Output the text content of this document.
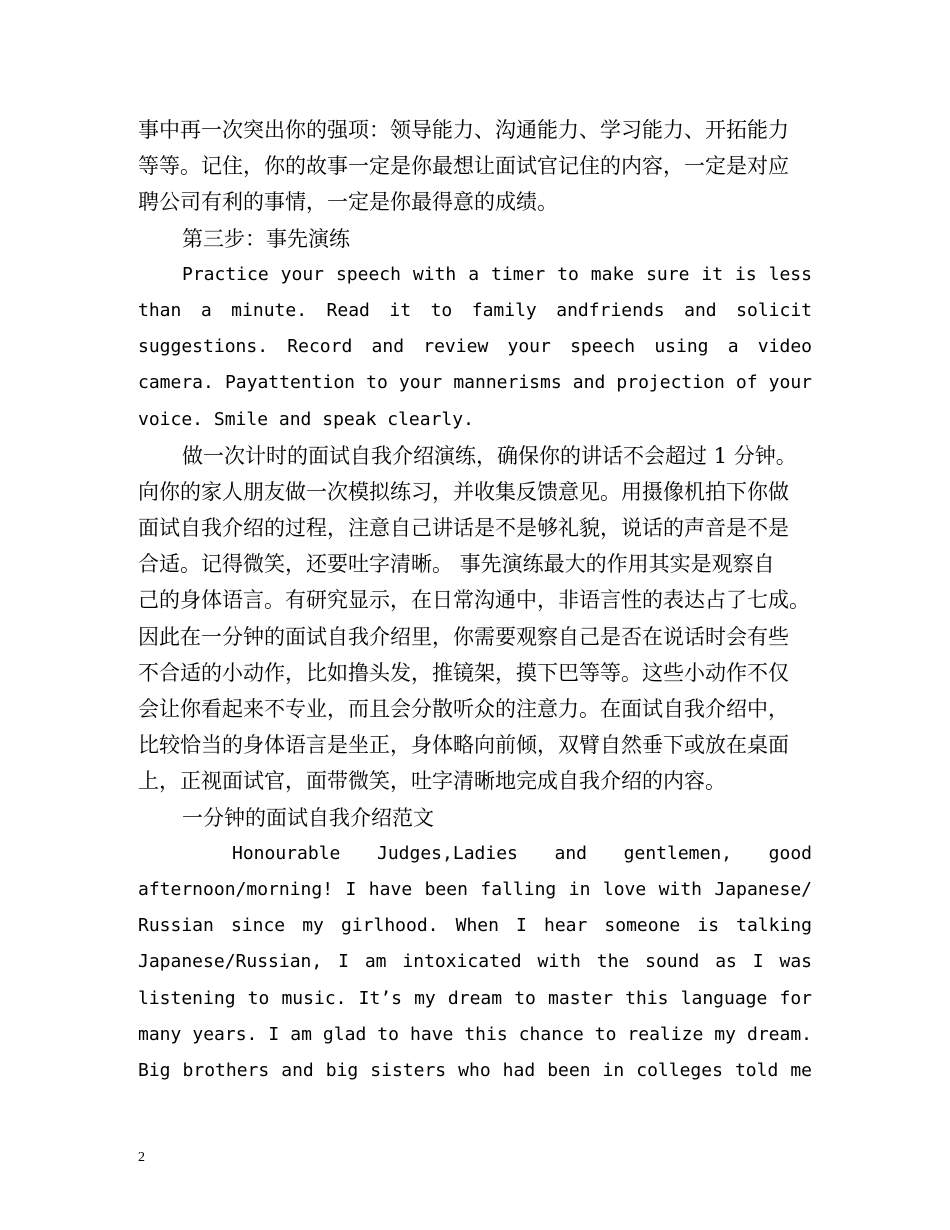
事中再一次突出你的强项：领导能力、沟通能力、学习能力、开拓能力
等等。记住，你的故事一定是你最想让面试官记住的内容，一定是对应
聘公司有利的事情，一定是你最得意的成绩。
第三步：事先演练
Practice your speech with a timer to make sure it is less
than a minute. Read it to family andfriends and solicit
suggestions. Record and review your speech using a video
camera. Payattention to your mannerisms and projection of your
voice. Smile and speak clearly.
做一次计时的面试自我介绍演练，确保你的讲话不会超过 1 分钟。
向你的家人朋友做一次模拟练习，并收集反馈意见。用摄像机拍下你做
面试自我介绍的过程，注意自己讲话是不是够礼貌，说话的声音是不是
合适。记得微笑，还要吐字清晰。 事先演练最大的作用其实是观察自
己的身体语言。有研究显示，在日常沟通中，非语言性的表达占了七成。
因此在一分钟的面试自我介绍里，你需要观察自己是否在说话时会有些
不合适的小动作，比如撸头发，推镜架，摸下巴等等。这些小动作不仅
会让你看起来不专业，而且会分散听众的注意力。在面试自我介绍中，
比较恰当的身体语言是坐正，身体略向前倾，双臂自然垂下或放在桌面
上，正视面试官，面带微笑，吐字清晰地完成自我介绍的内容。
一分钟的面试自我介绍范文
Honourable Judges,Ladies and gentlemen, good
afternoon/morning! I have been falling in love with Japanese/
Russian since my girlhood. When I hear someone is talking
Japanese/Russian, I am intoxicated with the sound as I was
listening to music. It’s my dream to master this language for
many years. I am glad to have this chance to realize my dream.
Big brothers and big sisters who had been in colleges told me
2
